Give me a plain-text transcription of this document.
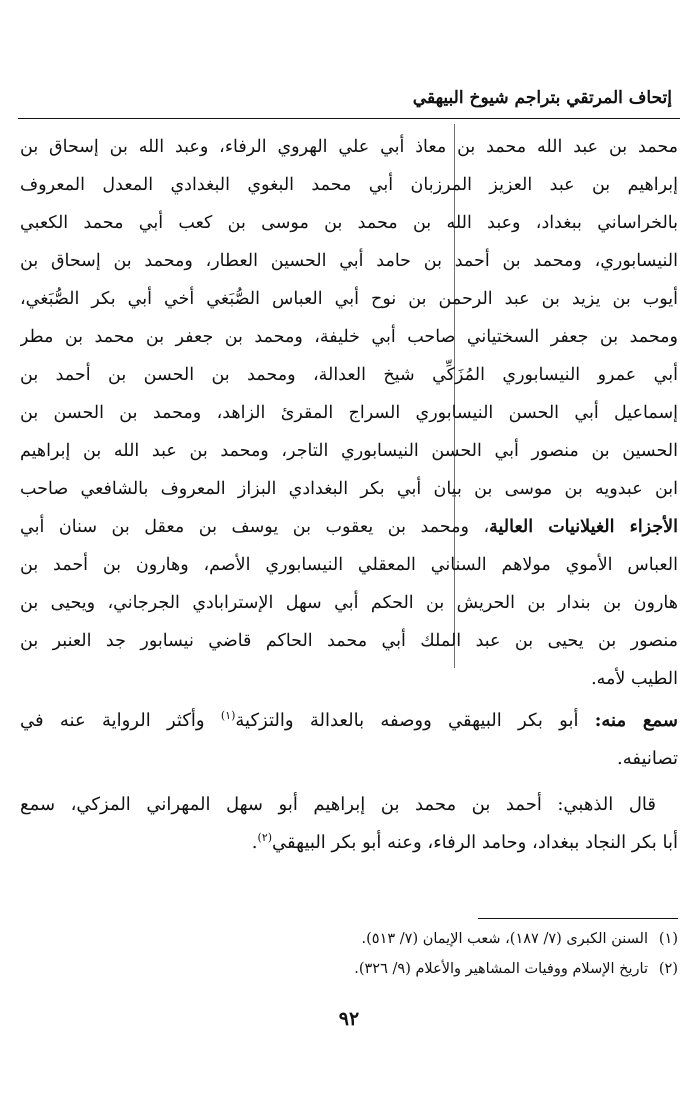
إتحاف المرتقي بتراجم شيوخ البيهقي
محمد بن عبد الله محمد بن معاذ أبي علي الهروي الرفاء، وعبد الله بن إسحاق بن
إبراهيم بن عبد العزيز المرزبان أبي محمد البغوي البغدادي المعدل المعروف
بالخراساني ببغداد، وعبد الله بن محمد بن موسى بن كعب أبي محمد الكعبي
النيسابوري، ومحمد بن أحمد بن حامد أبي الحسين العطار، ومحمد بن إسحاق بن
أيوب بن يزيد بن عبد الرحمن بن نوح أبي العباس الصُّبَغي أخي أبي بكر الصُّبَغي،
ومحمد بن جعفر السختياني صاحب أبي خليفة، ومحمد بن جعفر بن محمد بن مطر
أبي عمرو النيسابوري المُزَكِّي شيخ العدالة، ومحمد بن الحسن بن أحمد بن
إسماعيل أبي الحسن النيسابوري السراج المقرئ الزاهد، ومحمد بن الحسن بن
الحسين بن منصور أبي الحسن النيسابوري التاجر، ومحمد بن عبد الله بن إبراهيم
ابن عبدويه بن موسى بن بيان أبي بكر البغدادي البزاز المعروف بالشافعي صاحب
الأجزاء الغيلانيات العالية، ومحمد بن يعقوب بن يوسف بن معقل بن سنان أبي
العباس الأموي مولاهم السناني المعقلي النيسابوري الأصم، وهارون بن أحمد بن
هارون بن بندار بن الحريش بن الحكم أبي سهل الإسترابادي الجرجاني، ويحيى بن
منصور بن يحيى بن عبد الملك أبي محمد الحاكم قاضي نيسابور جد العنبر بن
الطيب لأمه.
سمع منه: أبو بكر البيهقي ووصفه بالعدالة والتزكية$^{(١)}$ وأكثر الرواية عنه في
تصانيفه.
قال الذهبي: أحمد بن محمد بن إبراهيم أبو سهل المهراني المزكي، سمع
أبا بكر النجاد ببغداد، وحامد الرفاء، وعنه أبو بكر البيهقي$^{(٢)}$.
(١)السنن الكبرى (٧/ ١٨٧)، شعب الإيمان (٧/ ٥١٣).
(٢)تاريخ الإسلام ووفيات المشاهير والأعلام (٩/ ٣٢٦).
٩٢
